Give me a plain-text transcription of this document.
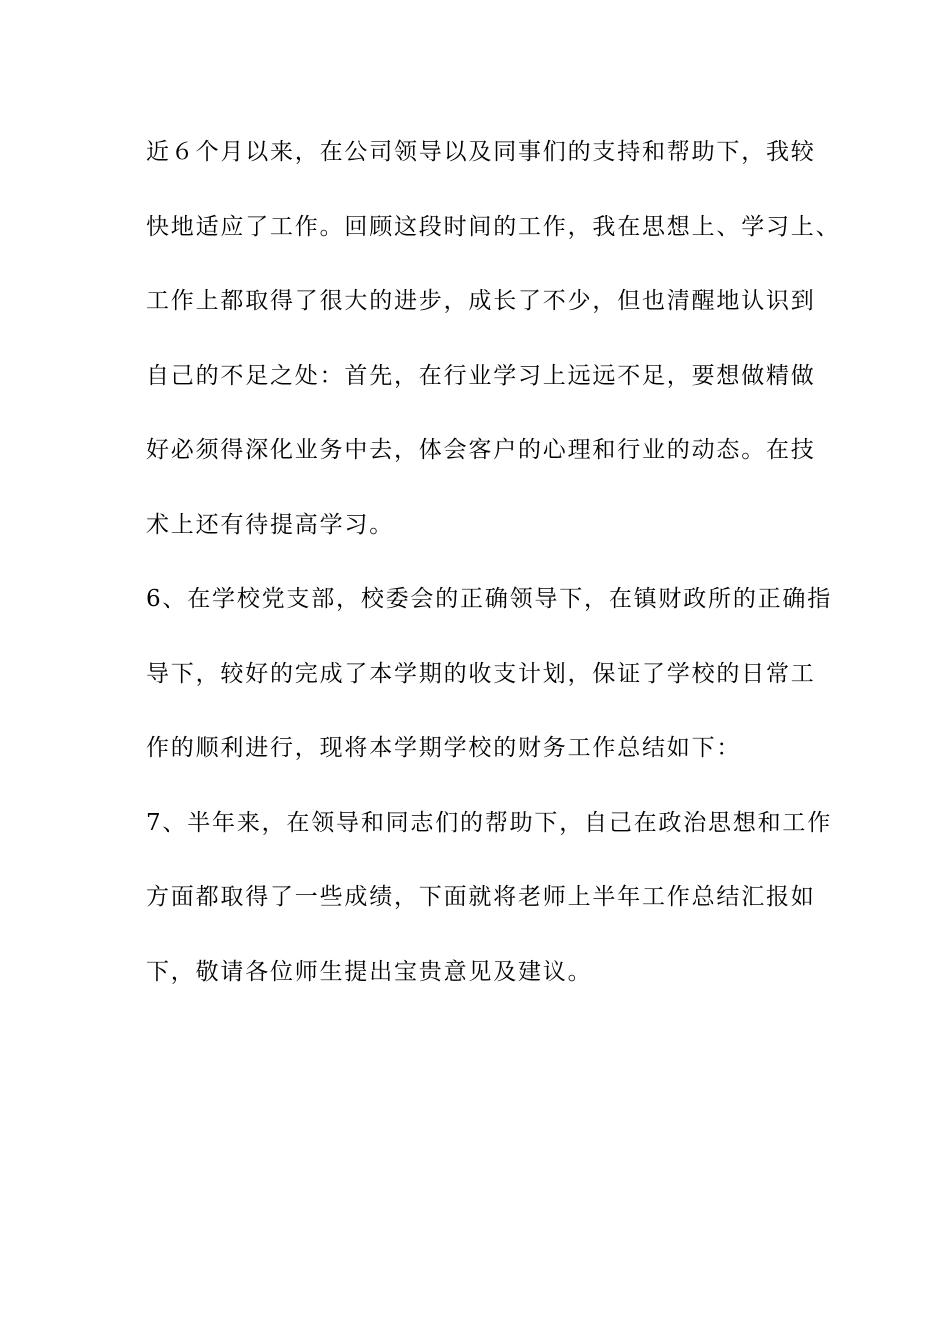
近６个月以来，在公司领导以及同事们的支持和帮助下，我较
快地适应了工作。回顾这段时间的工作，我在思想上、学习上、
工作上都取得了很大的进步，成长了不少，但也清醒地认识到
自己的不足之处：首先，在行业学习上远远不足，要想做精做
好必须得深化业务中去，体会客户的心理和行业的动态。在技
术上还有待提高学习。
6、在学校党支部，校委会的正确领导下，在镇财政所的正确指
导下，较好的完成了本学期的收支计划，保证了学校的日常工
作的顺利进行，现将本学期学校的财务工作总结如下：
7、半年来，在领导和同志们的帮助下，自己在政治思想和工作
方面都取得了一些成绩，下面就将老师上半年工作总结汇报如
下，敬请各位师生提出宝贵意见及建议。
